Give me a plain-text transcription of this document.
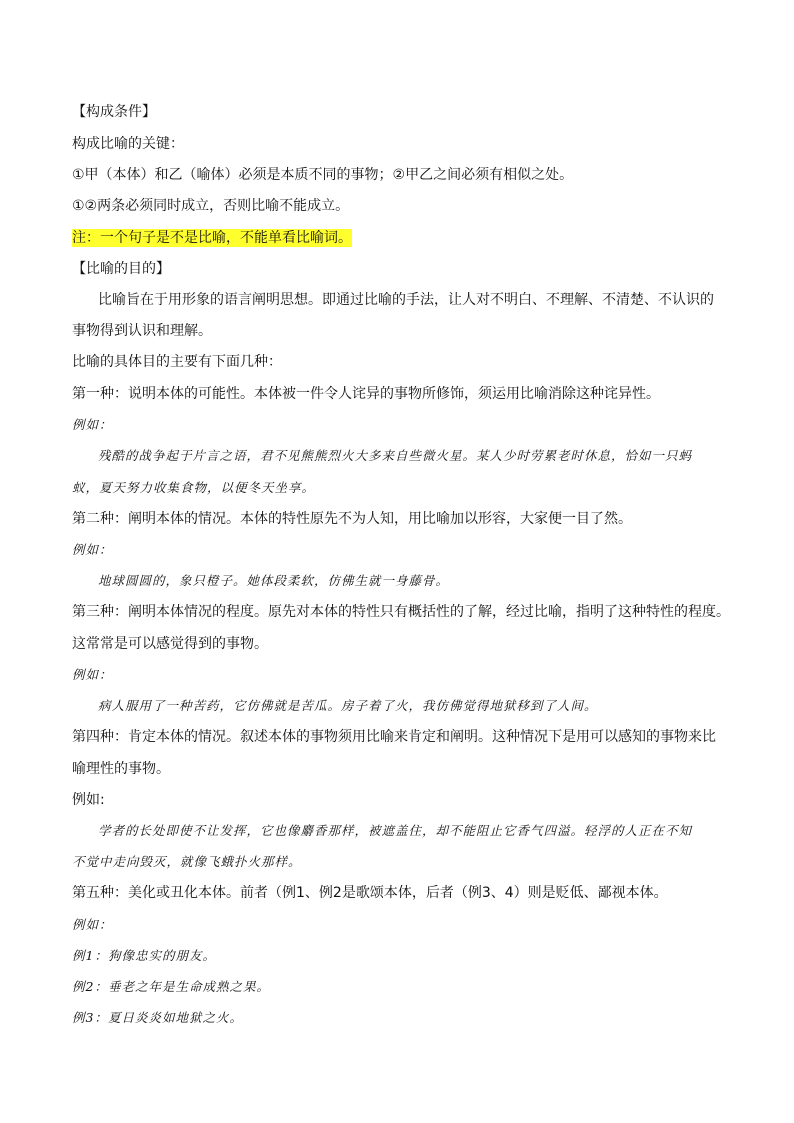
【构成条件】
构成比喻的关键：
①甲（本体）和乙（喻体）必须是本质不同的事物；②甲乙之间必须有相似之处。
①②两条必须同时成立，否则比喻不能成立。
注：一个句子是不是比喻，不能单看比喻词。
【比喻的目的】
比喻旨在于用形象的语言阐明思想。即通过比喻的手法，让人对不明白、不理解、不清楚、不认识的
事物得到认识和理解。
比喻的具体目的主要有下面几种：
第一种：说明本体的可能性。本体被一件令人诧异的事物所修饰，须运用比喻消除这种诧异性。
例如：
残酷的战争起于片言之语，君不见熊熊烈火大多来自些微火星。某人少时劳累老时休息，恰如一只蚂
蚁，夏天努力收集食物，以便冬天坐享。
第二种：阐明本体的情况。本体的特性原先不为人知，用比喻加以形容，大家便一目了然。
例如：
地球圆圆的，象只橙子。她体段柔软，仿佛生就一身藤骨。
第三种：阐明本体情况的程度。原先对本体的特性只有概括性的了解，经过比喻，指明了这种特性的程度。
这常常是可以感觉得到的事物。
例如：
病人服用了一种苦药，它仿佛就是苦瓜。房子着了火，我仿佛觉得地狱移到了人间。
第四种：肯定本体的情况。叙述本体的事物须用比喻来肯定和阐明。这种情况下是用可以感知的事物来比
喻理性的事物。
例如:
学者的长处即使不让发挥，它也像麝香那样，被遮盖住，却不能阻止它香气四溢。轻浮的人正在不知
不觉中走向毁灭，就像飞蛾扑火那样。
第五种：美化或丑化本体。前者（例1、例2是歌颂本体，后者（例3、4）则是贬低、鄙视本体。
例如：
例1：狗像忠实的朋友。
例2：垂老之年是生命成熟之果。
例3：夏日炎炎如地狱之火。
